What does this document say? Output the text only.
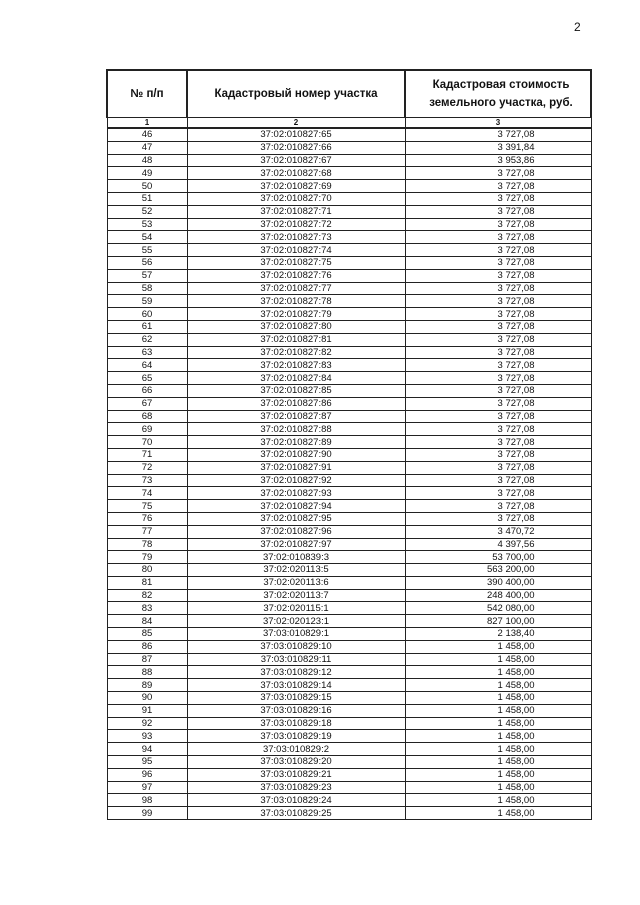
2
№ п/п	Кадастровый номер участка	Кадастровая стоимость земельного участка, руб.
1	2	3
46	37:02:010827:65	3 727,08
47	37:02:010827:66	3 391,84
48	37:02:010827:67	3 953,86
49	37:02:010827:68	3 727,08
50	37:02:010827:69	3 727,08
51	37:02:010827:70	3 727,08
52	37:02:010827:71	3 727,08
53	37:02:010827:72	3 727,08
54	37:02:010827:73	3 727,08
55	37:02:010827:74	3 727,08
56	37:02:010827:75	3 727,08
57	37:02:010827:76	3 727,08
58	37:02:010827:77	3 727,08
59	37:02:010827:78	3 727,08
60	37:02:010827:79	3 727,08
61	37:02:010827:80	3 727,08
62	37:02:010827:81	3 727,08
63	37:02:010827:82	3 727,08
64	37:02:010827:83	3 727,08
65	37:02:010827:84	3 727,08
66	37:02:010827:85	3 727,08
67	37:02:010827:86	3 727,08
68	37:02:010827:87	3 727,08
69	37:02:010827:88	3 727,08
70	37:02:010827:89	3 727,08
71	37:02:010827:90	3 727,08
72	37:02:010827:91	3 727,08
73	37:02:010827:92	3 727,08
74	37:02:010827:93	3 727,08
75	37:02:010827:94	3 727,08
76	37:02:010827:95	3 727,08
77	37:02:010827:96	3 470,72
78	37:02:010827:97	4 397,56
79	37:02:010839:3	53 700,00
80	37:02:020113:5	563 200,00
81	37:02:020113:6	390 400,00
82	37:02:020113:7	248 400,00
83	37:02:020115:1	542 080,00
84	37:02:020123:1	827 100,00
85	37:03:010829:1	2 138,40
86	37:03:010829:10	1 458,00
87	37:03:010829:11	1 458,00
88	37:03:010829:12	1 458,00
89	37:03:010829:14	1 458,00
90	37:03:010829:15	1 458,00
91	37:03:010829:16	1 458,00
92	37:03:010829:18	1 458,00
93	37:03:010829:19	1 458,00
94	37:03:010829:2	1 458,00
95	37:03:010829:20	1 458,00
96	37:03:010829:21	1 458,00
97	37:03:010829:23	1 458,00
98	37:03:010829:24	1 458,00
99	37:03:010829:25	1 458,00
